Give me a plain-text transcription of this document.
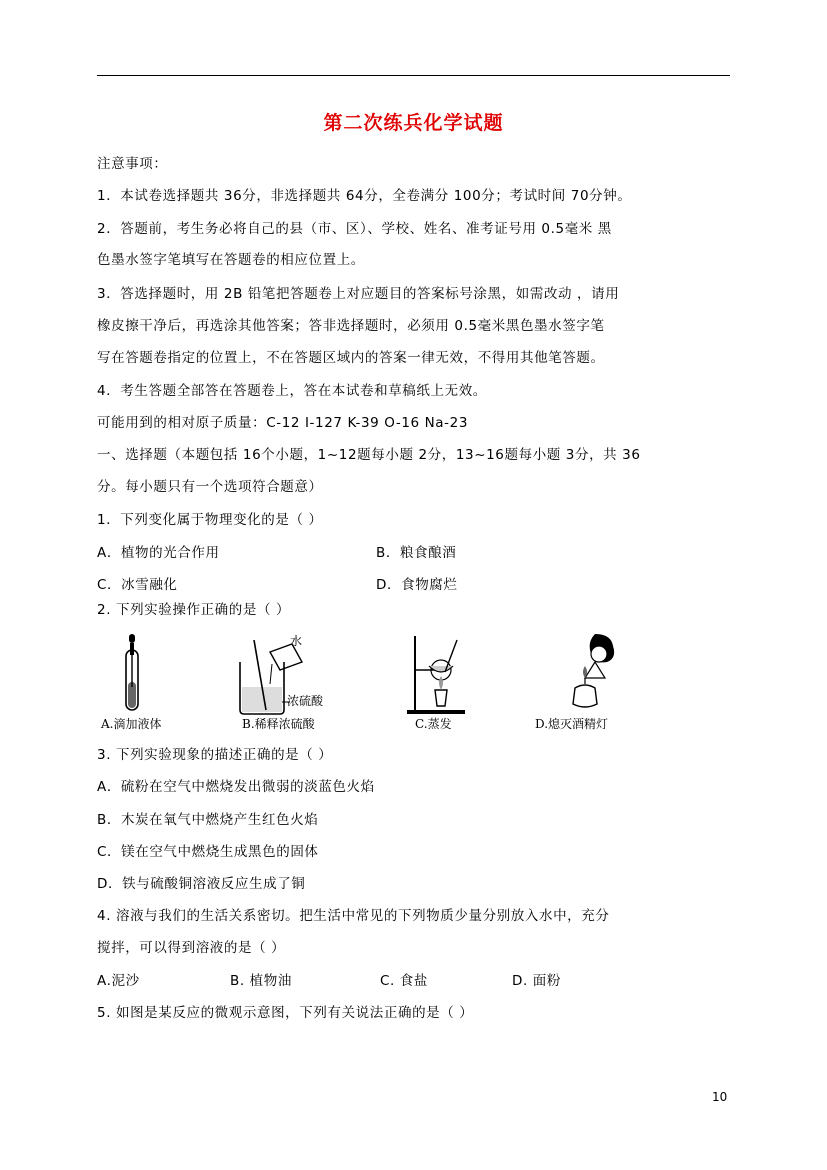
第二次练兵化学试题
注意事项：
1．本试卷选择题共 36分，非选择题共 64分，全卷满分 100分；考试时间 70分钟。
2．答题前，考生务必将自己的县（市、区）、学校、姓名、准考证号用 0.5毫米 黑
色墨水签字笔填写在答题卷的相应位置上。
3．答选择题时，用 2B 铅笔把答题卷上对应题目的答案标号涂黑，如需改动 ，请用
橡皮擦干净后，再选涂其他答案；答非选择题时，必须用 0.5毫米黑色墨水签字笔
写在答题卷指定的位置上，不在答题区域内的答案一律无效，不得用其他笔答题。
4．考生答题全部答在答题卷上，答在本试卷和草稿纸上无效。
可能用到的相对原子质量：C-12 I-127 K-39 O-16 Na-23
一、选择题（本题包括 16个小题，1~12题每小题 2分，13~16题每小题 3分，共 36
分。每小题只有一个选项符合题意）
1．下列变化属于物理变化的是（ ）
A．植物的光合作用	B．粮食酿酒
C．冰雪融化	D．食物腐烂
2. 下列实验操作正确的是（ ）
A.滴加液体
水
浓硫酸
B.稀释浓硫酸	C.蒸发	D.熄灭酒精灯
3. 下列实验现象的描述正确的是（ ）
A．硫粉在空气中燃烧发出微弱的淡蓝色火焰
B．木炭在氧气中燃烧产生红色火焰
C．镁在空气中燃烧生成黑色的固体
D．铁与硫酸铜溶液反应生成了铜
4. 溶液与我们的生活关系密切。把生活中常见的下列物质少量分别放入水中，充分
搅拌，可以得到溶液的是（ ）
A.泥沙	B. 植物油	C. 食盐	D. 面粉
5. 如图是某反应的微观示意图，下列有关说法正确的是（ ）
10
